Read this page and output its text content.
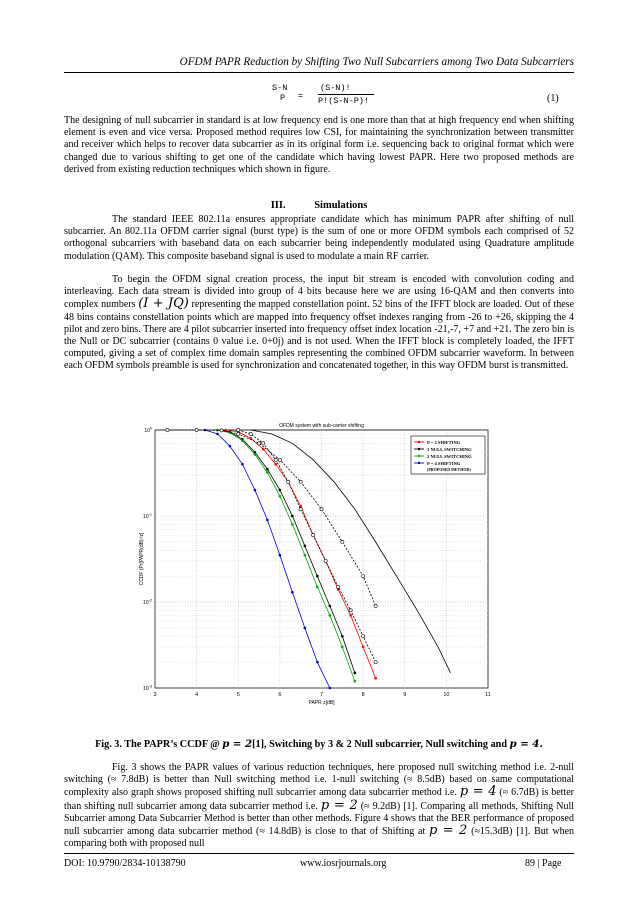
OFDM PAPR Reduction by Shifting Two Null Subcarriers among Two Data Subcarriers
S-N
P =
(S-N)!
P!(S-N-P)!	(1)

The designing of null subcarrier in standard is at low frequency end is one more than that at high frequency end when shifting element is even and vice versa. Proposed method requires low CSI, for maintaining the synchronization between transmitter and receiver which helps to recover data subcarrier as in its original form i.e. sequencing back to original format which were changed due to various shifting to get one of the candidate which having lowest PAPR. Here two proposed methods are derived from existing reduction techniques which shown in figure.

III.	Simulations

The standard IEEE 802.11a ensures appropriate candidate which has minimum PAPR after shifting of null subcarrier. An 802.11a OFDM carrier signal (burst type) is the sum of one or more OFDM symbols each comprised of 52 orthogonal subcarriers with baseband data on each subcarrier being independently modulated using Quadrature amplitude modulation (QAM). This composite baseband signal is used to modulate a main RF carrier.

To begin the OFDM signal creation process, the input bit stream is encoded with convolution coding and interleaving. Each data stream is divided into group of 4 bits because here we are using 16-QAM and then converts into complex numbers (I + JQ) representing the mapped constellation point. 52 bins of the IFFT block are loaded. Out of these 48 bins contains constellation points which are mapped into frequency offset indexes ranging from -26 to +26, skipping the 4 pilot and zero bins. There are 4 pilot subcarrier inserted into frequency offset index location -21,-7, +7 and +21. The zero bin is the Null or DC subcarrier (contains 0 value i.e. 0+0j) and is not used. When the IFFT block is completely loaded, the IFFT computed, giving a set of complex time domain samples representing the combined OFDM subcarrier waveform. In between each OFDM symbols preamble is used for synchronization and concatenated together, in this way OFDM burst is transmitted.

3	4	5	6	7	8	9	10	11
$10^0$
$10^{-1}$
$10^{-2}$
$10^{-3}$
OFDM system with sub-carrier shifting
PAPR z[dB]
CCDF (Pr[PAPR(dB)>z]
P = 2 SHIFTING
3 NULL SWITCHING
2 NULL SWITCHING
P = 4 SHIFTING
(PROPOSED METHOD)
Fig. 3. The PAPR’s CCDF @ p = 2[1], Switching by 3 & 2 Null subcarrier, Null switching and p = 4.

Fig. 3 shows the PAPR values of various reduction techniques, here proposed null switching method i.e. 2-null switching (≈ 7.8dB) is better than Null switching method i.e. 1-null switching (≈ 8.5dB) based on same computational complexity also graph shows proposed shifting null subcarrier among data subcarrier method i.e. p = 4 (≈ 6.7dB) is better than shifting null subcarrier among data subcarrier method i.e. p = 2 (≈ 9.2dB) [1]. Comparing all methods, Shifting Null Subcarrier among Data Subcarrier Method is better than other methods. Figure 4 shows that the BER performance of proposed null subcarrier among data subcarrier method (≈ 14.8dB) is close to that of Shifting at p = 2 (≈15.3dB) [1]. But when comparing both with proposed null

DOI: 10.9790/2834-10138790	www.iosrjournals.org	89 | Page
